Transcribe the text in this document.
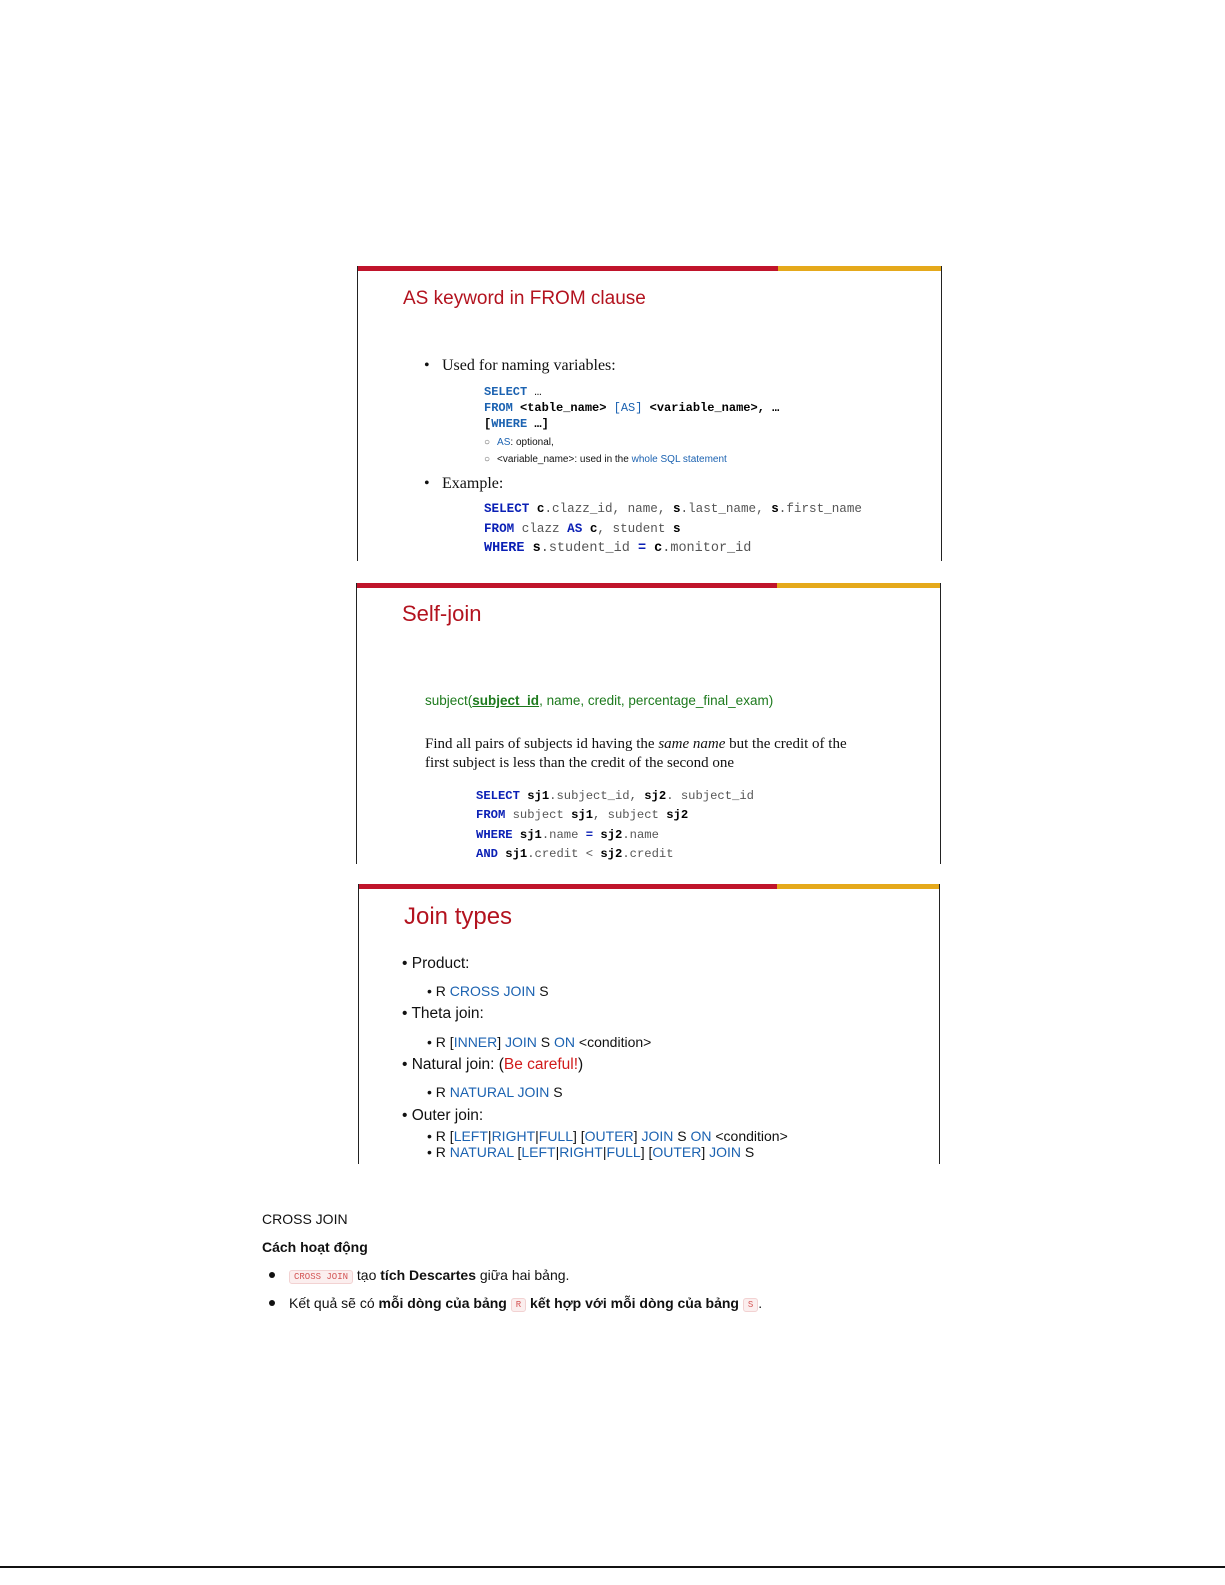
AS keyword in FROM clause
• Used for naming variables:
SELECT …
FROM <table_name> [AS] <variable_name>, …
[WHERE …]
○ AS: optional,
○ <variable_name>: used in the whole SQL statement
• Example:
SELECT c.clazz_id, name, s.last_name, s.first_name
FROM clazz AS c, student s
WHERE s.student_id = c.monitor_id
Self-join
subject(subject_id, name, credit, percentage_final_exam)
Find all pairs of subjects id having the same name but the credit of the
first subject is less than the credit of the second one
SELECT sj1.subject_id, sj2. subject_id
FROM subject sj1, subject sj2
WHERE sj1.name = sj2.name
AND sj1.credit < sj2.credit
Join types
• Product:
• R CROSS JOIN S
• Theta join:
• R [INNER] JOIN S ON <condition>
• Natural join: (Be careful!)
• R NATURAL JOIN S
• Outer join:
• R [LEFT|RIGHT|FULL] [OUTER] JOIN S ON <condition>
• R NATURAL [LEFT|RIGHT|FULL] [OUTER] JOIN S
CROSS JOIN
Cách hoạt động
CROSS JOIN tạo tích Descartes giữa hai bảng.
Kết quả sẽ có mỗi dòng của bảng R kết hợp với mỗi dòng của bảng S .
